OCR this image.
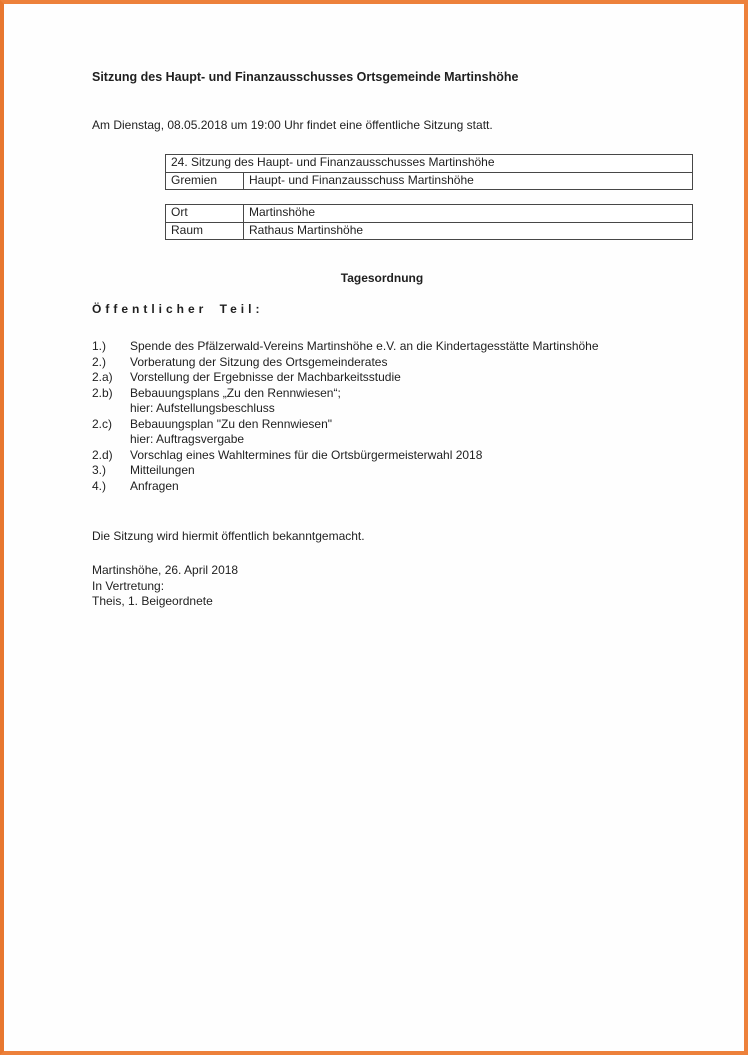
Sitzung des Haupt- und Finanzausschusses Ortsgemeinde Martinshöhe

Am Dienstag, 08.05.2018 um 19:00 Uhr findet eine öffentliche Sitzung statt.

24. Sitzung des Haupt- und Finanzausschusses Martinshöhe
Gremien	Haupt- und Finanzausschuss Martinshöhe
Ort	Martinshöhe
Raum	Rathaus Martinshöhe
Tagesordnung
Öffentlicher Teil:
1.)	Spende des Pfälzerwald-Vereins Martinshöhe e.V. an die Kindertagesstätte Martinshöhe
2.)	Vorberatung der Sitzung des Ortsgemeinderates
2.a)	Vorstellung der Ergebnisse der Machbarkeitsstudie
2.b)	Bebauungsplans „Zu den Rennwiesen“;
hier: Aufstellungsbeschluss
2.c)	Bebauungsplan "Zu den Rennwiesen"
hier: Auftragsvergabe
2.d)	Vorschlag eines Wahltermines für die Ortsbürgermeisterwahl 2018
3.)	Mitteilungen
4.)	Anfragen

Die Sitzung wird hiermit öffentlich bekanntgemacht.

Martinshöhe, 26. April 2018
In Vertretung:
Theis, 1. Beigeordnete
